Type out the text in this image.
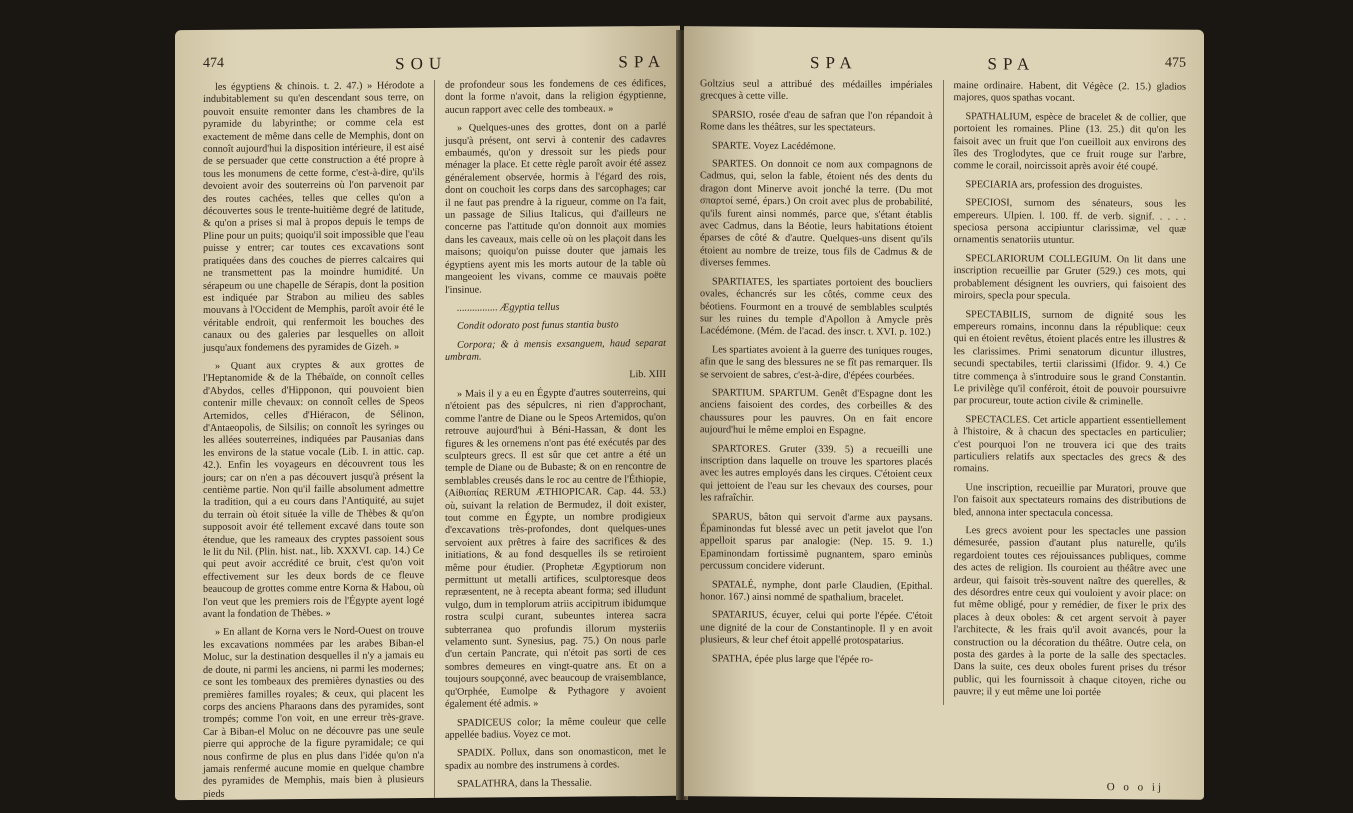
474	SOU	SPA

les égyptiens & chinois. t. 2. 47.) » Hérodote a indubitablement su qu'en descendant sous terre, on pouvoit ensuite remonter dans les chambres de la pyramide du labyrinthe; or comme cela est exactement de même dans celle de Memphis, dont on connoît aujourd'hui la disposition intérieure, il est aisé de se persuader que cette construction a été propre à tous les monumens de cette forme, c'est-à-dire, qu'ils devoient avoir des souterreins où l'on parvenoit par des routes cachées, telles que celles qu'on a découvertes sous le trente-huitième degré de latitude, & qu'on a prises si mal à propos depuis le temps de Pline pour un puits; quoiqu'il soit impossible que l'eau puisse y entrer; car toutes ces excavations sont pratiquées dans des couches de pierres calcaires qui ne transmettent pas la moindre humidité. Un sérapeum ou une chapelle de Sérapis, dont la position est indiquée par Strabon au milieu des sables mouvans à l'Occident de Memphis, paroît avoir été le véritable endroit, qui renfermoit les bouches des canaux ou des galeries par lesquelles on alloit jusqu'aux fondemens des pyramides de Gizeh. »

» Quant aux cryptes & aux grottes de l'Heptanomide & de la Thébaïde, on connoît celles d'Abydos, celles d'Hipponon, qui pouvoient bien contenir mille chevaux: on connoît celles de Speos Artemidos, celles d'Hiéracon, de Sélinon, d'Antaeopolis, de Silsilis; on connoît les syringes ou les allées souterreines, indiquées par Pausanias dans les environs de la statue vocale (Lib. I. in attic. cap. 42.). Enfin les voyageurs en découvrent tous les jours; car on n'en a pas découvert jusqu'à présent la centième partie. Non qu'il faille absolument admettre la tradition, qui a eu cours dans l'Antiquité, au sujet du terrain où étoit située la ville de Thèbes & qu'on supposoit avoir été tellement excavé dans toute son étendue, que les rameaux des cryptes passoient sous le lit du Nil. (Plin. hist. nat., lib. XXXVI. cap. 14.) Ce qui peut avoir accrédité ce bruit, c'est qu'on voit effectivement sur les deux bords de ce fleuve beaucoup de grottes comme entre Korna & Habou, où l'on veut que les premiers rois de l'Égypte ayent logé avant la fondation de Thèbes. »

» En allant de Korna vers le Nord-Ouest on trouve les excavations nommées par les arabes Biban-el Moluc, sur la destination desquelles il n'y a jamais eu de doute, ni parmi les anciens, ni parmi les modernes; ce sont les tombeaux des premières dynasties ou des premières familles royales; & ceux, qui placent les corps des anciens Pharaons dans des pyramides, sont trompés; comme l'on voit, en une erreur très-grave. Car à Biban-el Moluc on ne découvre pas une seule pierre qui approche de la figure pyramidale; ce qui nous confirme de plus en plus dans l'idée qu'on n'a jamais renfermé aucune momie en quelque chambre des pyramides de Memphis, mais bien à plusieurs pieds

de profondeur sous les fondemens de ces édifices, dont la forme n'avoit, dans la religion égyptienne, aucun rapport avec celle des tombeaux. »

» Quelques-unes des grottes, dont on a parlé jusqu'à présent, ont servi à contenir des cadavres embaumés, qu'on y dressoit sur les pieds pour ménager la place. Et cette règle paroît avoir été assez généralement observée, hormis à l'égard des rois, dont on couchoit les corps dans des sarcophages; car il ne faut pas prendre à la rigueur, comme on l'a fait, un passage de Silius Italicus, qui d'ailleurs ne concerne pas l'attitude qu'on donnoit aux momies dans les caveaux, mais celle où on les plaçoit dans les maisons; quoiqu'on puisse douter que jamais les égyptiens ayent mis les morts autour de la table où mangeoient les vivans, comme ce mauvais poëte l'insinue.

................ Ægyptia tellus

Condit odorato post funus stantia busto

Corpora; & à mensis exsanguem, haud separat umbram.

Lib. XIII

» Mais il y a eu en Égypte d'autres souterreins, qui n'étoient pas des sépulcres, ni rien d'approchant, comme l'antre de Diane ou le Speos Artemidos, qu'on retrouve aujourd'hui à Béni-Hassan, & dont les figures & les ornemens n'ont pas été exécutés par des sculpteurs grecs. Il est sûr que cet antre a été un temple de Diane ou de Bubaste; & on en rencontre de semblables creusés dans le roc au centre de l'Éthiopie, (Αἰθιοπίας RERUM ÆTHIOPICAR. Cap. 44. 53.) où, suivant la relation de Bermudez, il doit exister, tout comme en Égypte, un nombre prodigieux d'excavations très-profondes, dont quelques-unes servoient aux prêtres à faire des sacrifices & des initiations, & au fond desquelles ils se retiroient même pour étudier. (Prophetæ Ægyptiorum non permittunt ut metalli artifices, sculptoresque deos repræsentent, ne à recepta abeant forma; sed illudunt vulgo, dum in templorum atriis accipitrum ibidumque rostra sculpi curant, subeuntes interea sacra subterranea quo profundis illorum mysteriis velamento sunt. Synesius, pag. 75.) On nous parle d'un certain Pancrate, qui n'étoit pas sorti de ces sombres demeures en vingt-quatre ans. Et on a toujours soupçonné, avec beaucoup de vraisemblance, qu'Orphée, Eumolpe & Pythagore y avoient également été admis. »

SPADICEUS color; la même couleur que celle appellée badius. Voyez ce mot.

SPADIX. Pollux, dans son onomasticon, met le spadix au nombre des instrumens à cordes.

SPALATHRA, dans la Thessalie.

SPA	SPA	475

Goltzius seul a attribué des médailles impériales grecques à cette ville.

SPARSIO, rosée d'eau de safran que l'on répandoit à Rome dans les théâtres, sur les spectateurs.

SPARTE. Voyez Lacédémone.

SPARTES. On donnoit ce nom aux compagnons de Cadmus, qui, selon la fable, étoient nés des dents du dragon dont Minerve avoit jonché la terre. (Du mot σπαρτοί semé, épars.) On croit avec plus de probabilité, qu'ils furent ainsi nommés, parce que, s'étant établis avec Cadmus, dans la Béotie, leurs habitations étoient éparses de côté & d'autre. Quelques-uns disent qu'ils étoient au nombre de treize, tous fils de Cadmus & de diverses femmes.

SPARTIATES, les spartiates portoient des boucliers ovales, échancrés sur les côtés, comme ceux des béotiens. Fourmont en a trouvé de semblables sculptés sur les ruines du temple d'Apollon à Amycle près Lacédémone. (Mém. de l'acad. des inscr. t. XVI. p. 102.)

Les spartiates avoient à la guerre des tuniques rouges, afin que le sang des blessures ne se fît pas remarquer. Ils se servoient de sabres, c'est-à-dire, d'épées courbées.

SPARTIUM. SPARTUM. Genêt d'Espagne dont les anciens faisoient des cordes, des corbeilles & des chaussures pour les pauvres. On en fait encore aujourd'hui le même emploi en Espagne.

SPARTORES. Gruter (339. 5) a recueilli une inscription dans laquelle on trouve les spartores placés avec les autres employés dans les cirques. C'étoient ceux qui jettoient de l'eau sur les chevaux des courses, pour les rafraîchir.

SPARUS, bâton qui servoit d'arme aux paysans. Épaminondas fut blessé avec un petit javelot que l'on appelloit sparus par analogie: (Nep. 15. 9. 1.) Epaminondam fortissimè pugnantem, sparo eminùs percussum concidere viderunt.

SPATALÉ, nymphe, dont parle Claudien, (Epithal. honor. 167.) ainsi nommé de spathalium, bracelet.

SPATARIUS, écuyer, celui qui porte l'épée. C'étoit une dignité de la cour de Constantinople. Il y en avoit plusieurs, & leur chef étoit appellé protospatarius.

SPATHA, épée plus large que l'épée ro-

maine ordinaire. Habent, dit Végèce (2. 15.) gladios majores, quos spathas vocant.

SPATHALIUM, espèce de bracelet & de collier, que portoient les romaines. Pline (13. 25.) dit qu'on les faisoit avec un fruit que l'on cueilloit aux environs des îles des Troglodytes, que ce fruit rouge sur l'arbre, comme le corail, noircissoit après avoir été coupé.

SPECIARIA ars, profession des droguistes.

SPECIOSI, surnom des sénateurs, sous les empereurs. Ulpien. l. 100. ff. de verb. signif. . . . . speciosa persona accipiuntur clarissimæ, vel quæ ornamentis senatoriis utuntur.

SPECLARIORUM COLLEGIUM. On lit dans une inscription recueillie par Gruter (529.) ces mots, qui probablement désignent les ouvriers, qui faisoient des miroirs, specla pour specula.

SPECTABILIS, surnom de dignité sous les empereurs romains, inconnu dans la république: ceux qui en étoient revêtus, étoient placés entre les illustres & les clarissimes. Primi senatorum dicuntur illustres, secundi spectabiles, tertii clarissimi (Ifidor. 9. 4.) Ce titre commença à s'introduire sous le grand Constantin. Le privilège qu'il conféroit, étoit de pouvoir poursuivre par procureur, toute action civile & criminelle.

SPECTACLES. Cet article appartient essentiellement à l'histoire, & à chacun des spectacles en particulier; c'est pourquoi l'on ne trouvera ici que des traits particuliers relatifs aux spectacles des grecs & des romains.

Une inscription, recueillie par Muratori, prouve que l'on faisoit aux spectateurs romains des distributions de bled, annona inter spectacula concessa.

Les grecs avoient pour les spectacles une passion démesurée, passion d'autant plus naturelle, qu'ils regardoient toutes ces réjouissances publiques, comme des actes de religion. Ils couroient au théâtre avec une ardeur, qui faisoit très-souvent naître des querelles, & des désordres entre ceux qui vouloient y avoir place: on fut même obligé, pour y remédier, de fixer le prix des places à deux oboles: & cet argent servoit à payer l'architecte, & les frais qu'il avoit avancés, pour la construction ou la décoration du théâtre. Outre cela, on posta des gardes à la porte de la salle des spectacles. Dans la suite, ces deux oboles furent prises du trésor public, qui les fournissoit à chaque citoyen, riche ou pauvre; il y eut même une loi portée

O o o ij
